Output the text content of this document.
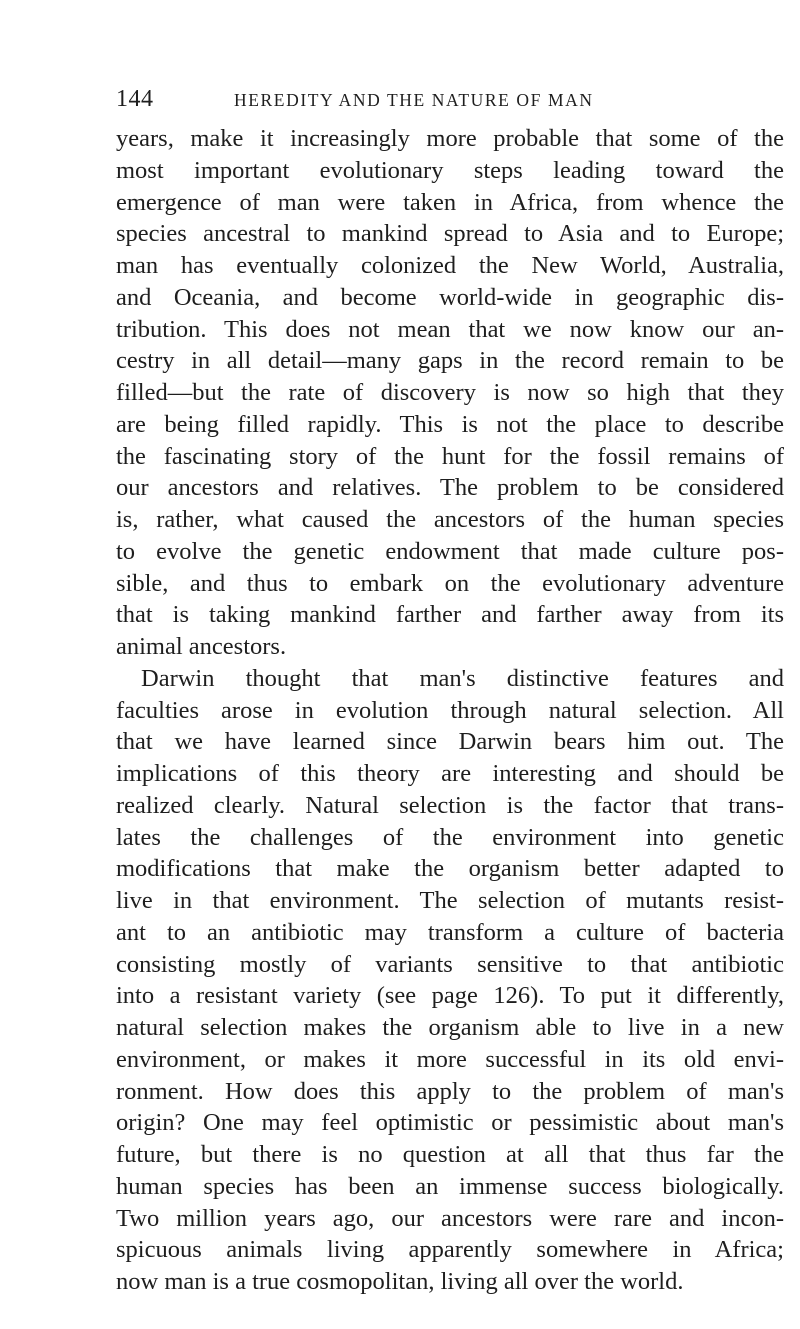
144	HEREDITY AND THE NATURE OF MAN
years, make it increasingly more probable that some of the
most important evolutionary steps leading toward the
emergence of man were taken in Africa, from whence the
species ancestral to mankind spread to Asia and to Europe;
man has eventually colonized the New World, Australia,
and Oceania, and become world-wide in geographic dis-
tribution. This does not mean that we now know our an-
cestry in all detail—many gaps in the record remain to be
filled—but the rate of discovery is now so high that they
are being filled rapidly. This is not the place to describe
the fascinating story of the hunt for the fossil remains of
our ancestors and relatives. The problem to be considered
is, rather, what caused the ancestors of the human species
to evolve the genetic endowment that made culture pos-
sible, and thus to embark on the evolutionary adventure
that is taking mankind farther and farther away from its
animal ancestors.
Darwin thought that man's distinctive features and
faculties arose in evolution through natural selection. All
that we have learned since Darwin bears him out. The
implications of this theory are interesting and should be
realized clearly. Natural selection is the factor that trans-
lates the challenges of the environment into genetic
modifications that make the organism better adapted to
live in that environment. The selection of mutants resist-
ant to an antibiotic may transform a culture of bacteria
consisting mostly of variants sensitive to that antibiotic
into a resistant variety (see page 126). To put it differently,
natural selection makes the organism able to live in a new
environment, or makes it more successful in its old envi-
ronment. How does this apply to the problem of man's
origin? One may feel optimistic or pessimistic about man's
future, but there is no question at all that thus far the
human species has been an immense success biologically.
Two million years ago, our ancestors were rare and incon-
spicuous animals living apparently somewhere in Africa;
now man is a true cosmopolitan, living all over the world.
